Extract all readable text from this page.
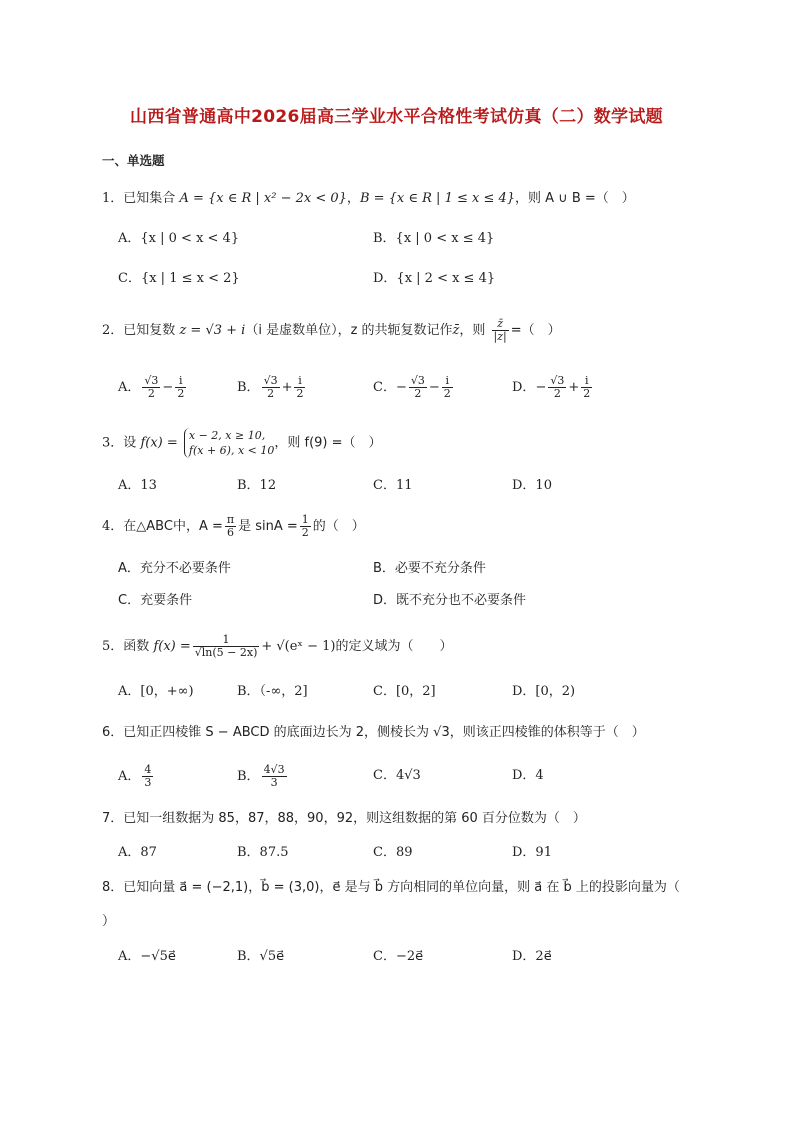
山西省普通高中2026届高三学业水平合格性考试仿真（二）数学试题
一、单选题
1．已知集合 A = {x ∈ R | x² − 2x < 0}，B = {x ∈ R | 1 ≤ x ≤ 4}，则 A ∪ B =（　）
A．{x | 0 < x < 4}	B．{x | 0 < x ≤ 4}
C．{x | 1 ≤ x < 2}	D．{x | 2 < x ≤ 4}
2．已知复数 z = √3 + i（i 是虚数单位），z 的共轭复数记作z̄，则 $\frac{z̄}{|z|}$ =（　）
A． $\frac{√3}{2} - \frac{i}{2}$	B． $\frac{√3}{2} + \frac{i}{2}$	C．− $\frac{√3}{2} - \frac{i}{2}$	D．− $\frac{√3}{2} + \frac{i}{2}$
3．设 f(x) = x − 2, x ≥ 10,
f(x + 6), x < 10 ，则 f(9) =（　）
A．13	B．12	C．11	D．10
4．在△ABC中，$A = \frac{\pi}{6}$ 是 $\sin A = \frac{1}{2}$ 的（　）
A．充分不必要条件	B．必要不充分条件
C．充要条件	D．既不充分也不必要条件
5．函数 $f(x) = \frac{1}{√\ln(5 - 2x)}$ + √(eˣ − 1)的定义域为（　　）
A．[0，+∞)	B．（-∞，2]	C．[0，2]	D．[0，2)
6．已知正四棱锥 S − ABCD 的底面边长为 2，侧棱长为 √3，则该正四棱锥的体积等于（　）
A． $\frac{4}{3}$	B． $\frac{4√3}{3}$	C．4√3	D．4
7．已知一组数据为 85，87，88，90，92，则这组数据的第 60 百分位数为（　）
A．87	B．87.5	C．89	D．91
8．已知向量 a⃗ = (−2,1)，b⃗ = (3,0)，e⃗ 是与 b⃗ 方向相同的单位向量，则 a⃗ 在 b⃗ 上的投影向量为（
）
A．−√5e⃗	B．√5e⃗	C．−2e⃗	D．2e⃗
